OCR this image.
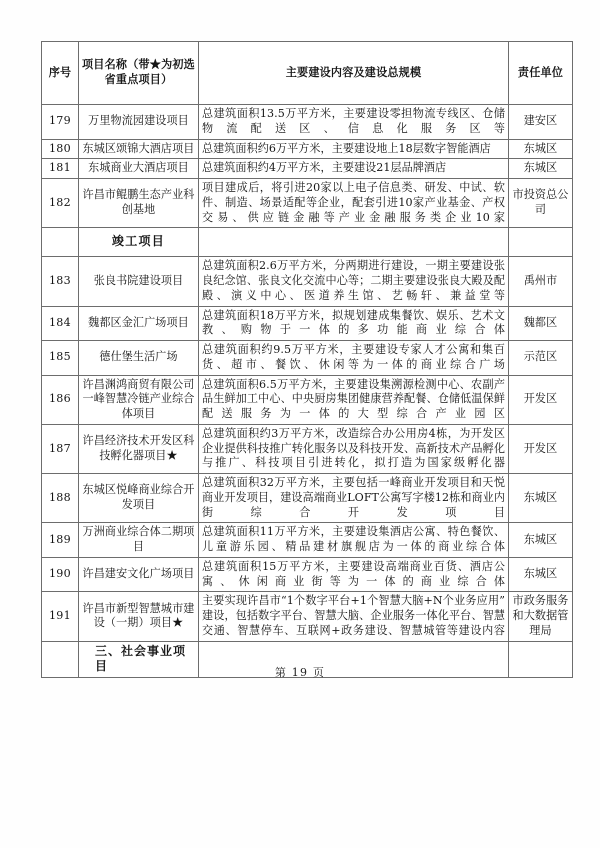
序号	项目名称（带★为初选省重点项目）	主要建设内容及建设总规模	责任单位
179	万里物流园建设项目	总建筑面积13.5万平方米，主要建设零担物流专线区、仓储物流配送区、信息化服务区等	建安区
180	东城区颂锦大酒店项目	总建筑面积约6万平方米，主要建设地上18层数字智能酒店	东城区
181	东城商业大酒店项目	总建筑面积约4万平方米，主要建设21层品牌酒店	东城区
182	许昌市鲲鹏生态产业科创基地	项目建成后，将引进20家以上电子信息类、研发、中试、软件、制造、场景适配等企业，配套引进10家产业基金、产权交易、供应链金融等产业金融服务类企业10家	市投资总公司
	竣工项目		
183	张良书院建设项目	总建筑面积2.6万平方米，分两期进行建设，一期主要建设张良纪念馆、张良文化交流中心等；二期主要建设张良大殿及配殿、演义中心、医道养生馆、艺畅轩、兼益堂等	禹州市
184	魏都区金汇广场项目	总建筑面积18万平方米，拟规划建成集餐饮、娱乐、艺术文教、购物于一体的多功能商业综合体	魏都区
185	德仕堡生活广场	总建筑面积约9.5万平方米，主要建设专家人才公寓和集百货、超市、餐饮、休闲等为一体的商业综合广场	示范区
186	许昌渊鸿商贸有限公司一峰智慧冷链产业综合体项目	总建筑面积6.5万平方米，主要建设集溯源检测中心、农副产品生鲜加工中心、中央厨房集团健康营养配餐、仓储低温保鲜配送服务为一体的大型综合产业园区	开发区
187	许昌经济技术开发区科技孵化器项目★	总建筑面积约3万平方米，改造综合办公用房4栋，为开发区企业提供科技推广转化服务以及科技开发、高新技术产品孵化与推广、科技项目引进转化，拟打造为国家级孵化器	开发区
188	东城区悦峰商业综合开发项目	总建筑面积32万平方米，主要包括一峰商业开发项目和天悦商业开发项目，建设高端商业LOFT公寓写字楼12栋和商业内街综合开发项目	东城区
189	万洲商业综合体二期项目	总建筑面积11万平方米，主要建设集酒店公寓、特色餐饮、儿童游乐园、精品建材旗舰店为一体的商业综合体	东城区
190	许昌建安文化广场项目	总建筑面积15万平方米，主要建设高端商业百货、酒店公寓、休闲商业街等为一体的商业综合体	东城区
191	许昌市新型智慧城市建设（一期）项目★	主要实现许昌市“1个数字平台+1个智慧大脑+N个业务应用”建设，包括数字平台、智慧大脑、企业服务一体化平台、智慧交通、智慧停车、互联网+政务建设、智慧城管等建设内容	市政务服务和大数据管理局
	三、社会事业项目			第 19 页
